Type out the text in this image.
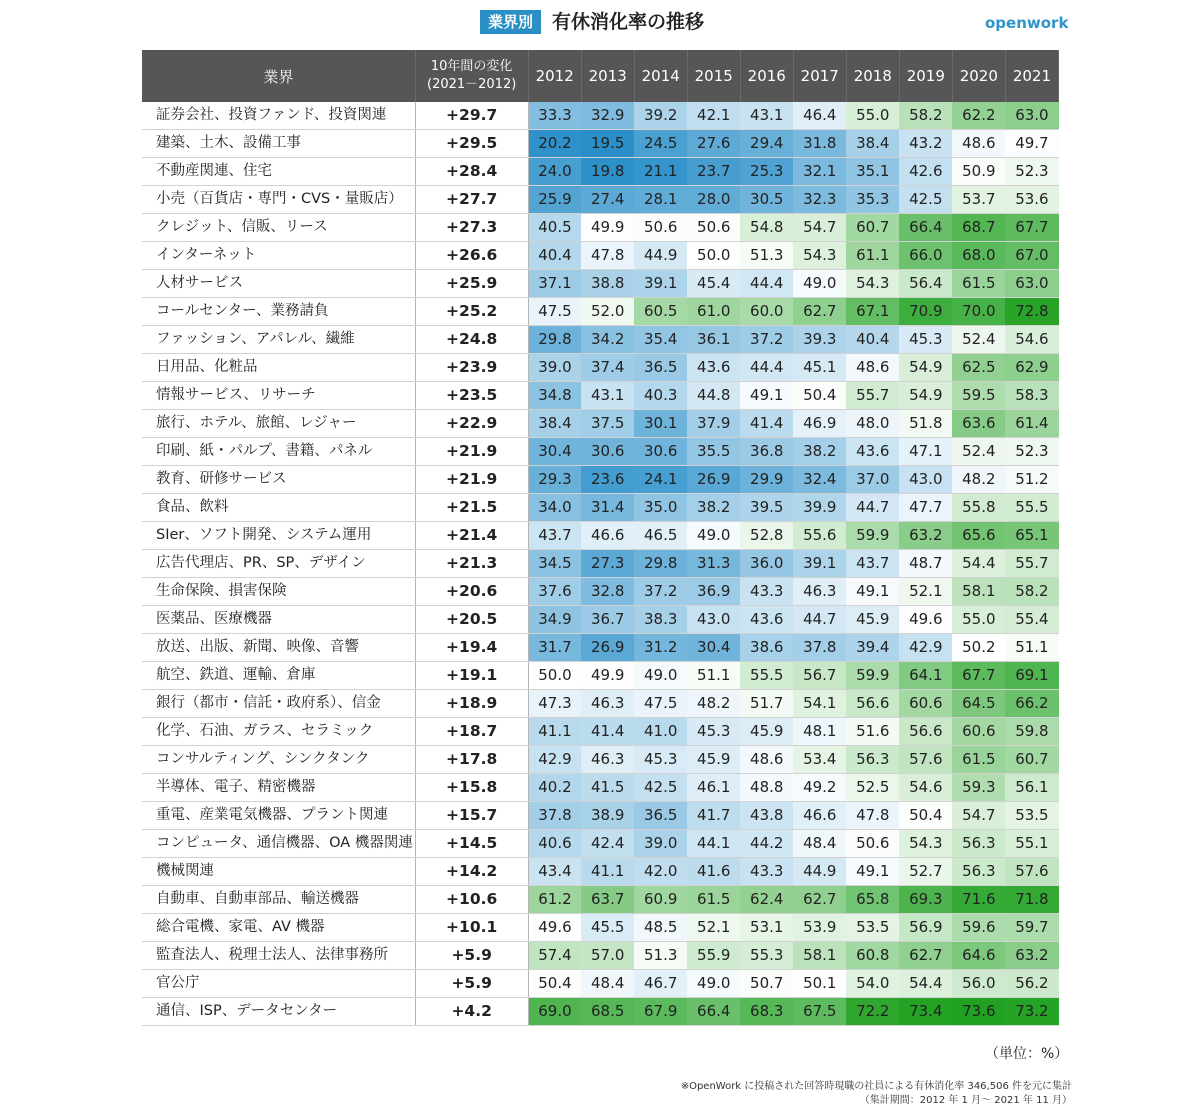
業界別 有休消化率の推移	openwork
業界	10年間の変化
(2021－2012)	2012	2013	2014	2015	2016	2017	2018	2019	2020	2021
証券会社、投資ファンド、投資関連	+29.7	33.3	32.9	39.2	42.1	43.1	46.4	55.0	58.2	62.2	63.0
建築、土木、設備工事	+29.5	20.2	19.5	24.5	27.6	29.4	31.8	38.4	43.2	48.6	49.7
不動産関連、住宅	+28.4	24.0	19.8	21.1	23.7	25.3	32.1	35.1	42.6	50.9	52.3
小売（百貨店・専門・CVS・量販店）	+27.7	25.9	27.4	28.1	28.0	30.5	32.3	35.3	42.5	53.7	53.6
クレジット、信販、リース	+27.3	40.5	49.9	50.6	50.6	54.8	54.7	60.7	66.4	68.7	67.7
インターネット	+26.6	40.4	47.8	44.9	50.0	51.3	54.3	61.1	66.0	68.0	67.0
人材サービス	+25.9	37.1	38.8	39.1	45.4	44.4	49.0	54.3	56.4	61.5	63.0
コールセンター、業務請負	+25.2	47.5	52.0	60.5	61.0	60.0	62.7	67.1	70.9	70.0	72.8
ファッション、アパレル、繊維	+24.8	29.8	34.2	35.4	36.1	37.2	39.3	40.4	45.3	52.4	54.6
日用品、化粧品	+23.9	39.0	37.4	36.5	43.6	44.4	45.1	48.6	54.9	62.5	62.9
情報サービス、リサーチ	+23.5	34.8	43.1	40.3	44.8	49.1	50.4	55.7	54.9	59.5	58.3
旅行、ホテル、旅館、レジャー	+22.9	38.4	37.5	30.1	37.9	41.4	46.9	48.0	51.8	63.6	61.4
印刷、紙・パルプ、書籍、パネル	+21.9	30.4	30.6	30.6	35.5	36.8	38.2	43.6	47.1	52.4	52.3
教育、研修サービス	+21.9	29.3	23.6	24.1	26.9	29.9	32.4	37.0	43.0	48.2	51.2
食品、飲料	+21.5	34.0	31.4	35.0	38.2	39.5	39.9	44.7	47.7	55.8	55.5
SIer、ソフト開発、システム運用	+21.4	43.7	46.6	46.5	49.0	52.8	55.6	59.9	63.2	65.6	65.1
広告代理店、PR、SP、デザイン	+21.3	34.5	27.3	29.8	31.3	36.0	39.1	43.7	48.7	54.4	55.7
生命保険、損害保険	+20.6	37.6	32.8	37.2	36.9	43.3	46.3	49.1	52.1	58.1	58.2
医薬品、医療機器	+20.5	34.9	36.7	38.3	43.0	43.6	44.7	45.9	49.6	55.0	55.4
放送、出版、新聞、映像、音響	+19.4	31.7	26.9	31.2	30.4	38.6	37.8	39.4	42.9	50.2	51.1
航空、鉄道、運輸、倉庫	+19.1	50.0	49.9	49.0	51.1	55.5	56.7	59.9	64.1	67.7	69.1
銀行（都市・信託・政府系）、信金	+18.9	47.3	46.3	47.5	48.2	51.7	54.1	56.6	60.6	64.5	66.2
化学、石油、ガラス、セラミック	+18.7	41.1	41.4	41.0	45.3	45.9	48.1	51.6	56.6	60.6	59.8
コンサルティング、シンクタンク	+17.8	42.9	46.3	45.3	45.9	48.6	53.4	56.3	57.6	61.5	60.7
半導体、電子、精密機器	+15.8	40.2	41.5	42.5	46.1	48.8	49.2	52.5	54.6	59.3	56.1
重電、産業電気機器、プラント関連	+15.7	37.8	38.9	36.5	41.7	43.8	46.6	47.8	50.4	54.7	53.5
コンピュータ、通信機器、OA 機器関連	+14.5	40.6	42.4	39.0	44.1	44.2	48.4	50.6	54.3	56.3	55.1
機械関連	+14.2	43.4	41.1	42.0	41.6	43.3	44.9	49.1	52.7	56.3	57.6
自動車、自動車部品、輸送機器	+10.6	61.2	63.7	60.9	61.5	62.4	62.7	65.8	69.3	71.6	71.8
総合電機、家電、AV 機器	+10.1	49.6	45.5	48.5	52.1	53.1	53.9	53.5	56.9	59.6	59.7
監査法人、税理士法人、法律事務所	+5.9	57.4	57.0	51.3	55.9	55.3	58.1	60.8	62.7	64.6	63.2
官公庁	+5.9	50.4	48.4	46.7	49.0	50.7	50.1	54.0	54.4	56.0	56.2
通信、ISP、データセンター	+4.2	69.0	68.5	67.9	66.4	68.3	67.5	72.2	73.4	73.6	73.2
（単位：%）
※OpenWork に投稿された回答時現職の社員による有休消化率 346,506 件を元に集計
（集計期間：2012 年 1 月〜 2021 年 11 月）
